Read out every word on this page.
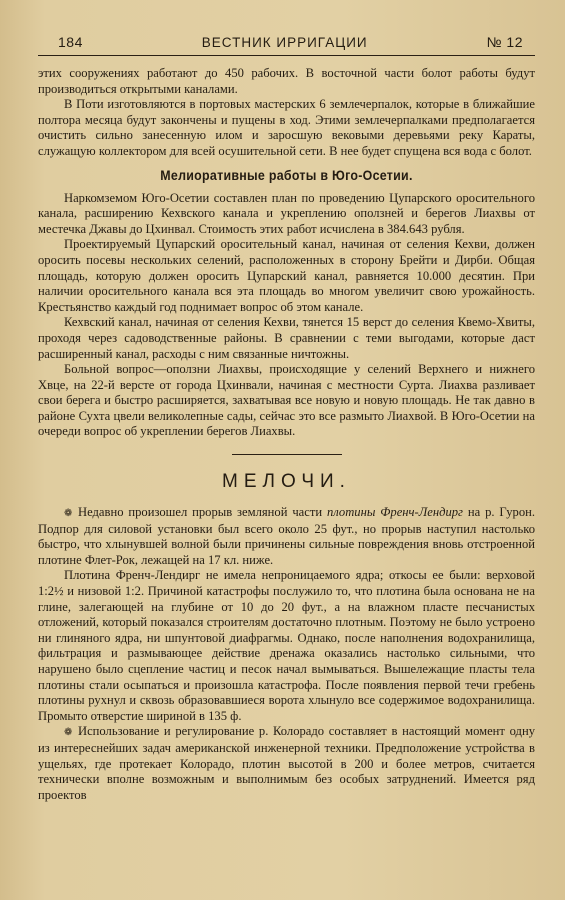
184	ВЕСТНИК ИРРИГАЦИИ	№ 12

этих сооружениях работают до 450 рабочих. В восточной части болот работы будут производиться открытыми каналами.

В Поти изготовляются в портовых мастерских 6 землечерпалок, которые в ближайшие полтора месяца будут закончены и пущены в ход. Этими землечерпалками предполагается очистить сильно занесенную илом и заросшую вековыми деревьями реку Караты, служащую коллектором для всей осушительной сети. В нее будет спущена вся вода с болот.

Мелиоративные работы в Юго-Осетии.

Наркомземом Юго-Осетии составлен план по проведению Цупарского оросительного канала, расширению Кехвского канала и укреплению оползней и берегов Лиахвы от местечка Джавы до Цхинвал. Стоимость этих работ исчислена в 384.643 рубля.

Проектируемый Цупарский оросительный канал, начиная от селения Кехви, должен оросить посевы нескольких селений, расположенных в сторону Брейти и Дирби. Общая площадь, которую должен оросить Цупарский канал, равняется 10.000 десятин. При наличии оросительного канала вся эта площадь во многом увеличит свою урожайность. Крестьянство каждый год поднимает вопрос об этом канале.

Кехвский канал, начиная от селения Кехви, тянется 15 верст до селения Квемо-Хвиты, проходя через садоводственные районы. В сравнении с теми выгодами, которые даст расширенный канал, расходы с ним связанные ничтожны.

Больной вопрос—оползни Лиахвы, происходящие у селений Верхнего и нижнего Хвце, на 22-й версте от города Цхинвали, начиная с местности Сурта. Лиахва разливает свои берега и быстро расширяется, захватывая все новую и новую площадь. Не так давно в районе Сухта цвели великолепные сады, сейчас это все размыто Лиахвой. В Юго-Осетии на очереди вопрос об укреплении берегов Лиахвы.

МЕЛОЧИ.

❁ Недавно произошел прорыв земляной части плотины Френч-Лендирг на р. Гурон. Подпор для силовой установки был всего около 25 фут., но прорыв наступил настолько быстро, что хлынувшей волной были причинены сильные повреждения вновь отстроенной плотине Флет-Рок, лежащей на 17 кл. ниже.

Плотина Френч-Лендирг не имела непроницаемого ядра; откосы ее были: верховой 1:2½ и низовой 1:2. Причиной катастрофы послужило то, что плотина была основана не на глине, залегающей на глубине от 10 до 20 фут., а на влажном пласте песчанистых отложений, который показался строителям достаточно плотным. Поэтому не было устроено ни глиняного ядра, ни шпунтовой диафрагмы. Однако, после наполнения водохранилища, фильтрация и размывающее действие дренажа оказались настолько сильными, что нарушено было сцепление частиц и песок начал вымываться. Вышележащие пласты тела плотины стали осыпаться и произошла катастрофа. После появления первой течи гребень плотины рухнул и сквозь образовавшиеся ворота хлынуло все содержимое водохранилища. Промыто отверстие шириной в 135 ф.

❁ Использование и регулирование р. Колорадо составляет в настоящий момент одну из интереснейших задач американской инженерной техники. Предположение устройства в ущельях, где протекает Колорадо, плотин высотой в 200 и более метров, считается технически вполне возможным и выполнимым без особых затруднений. Имеется ряд проектов
